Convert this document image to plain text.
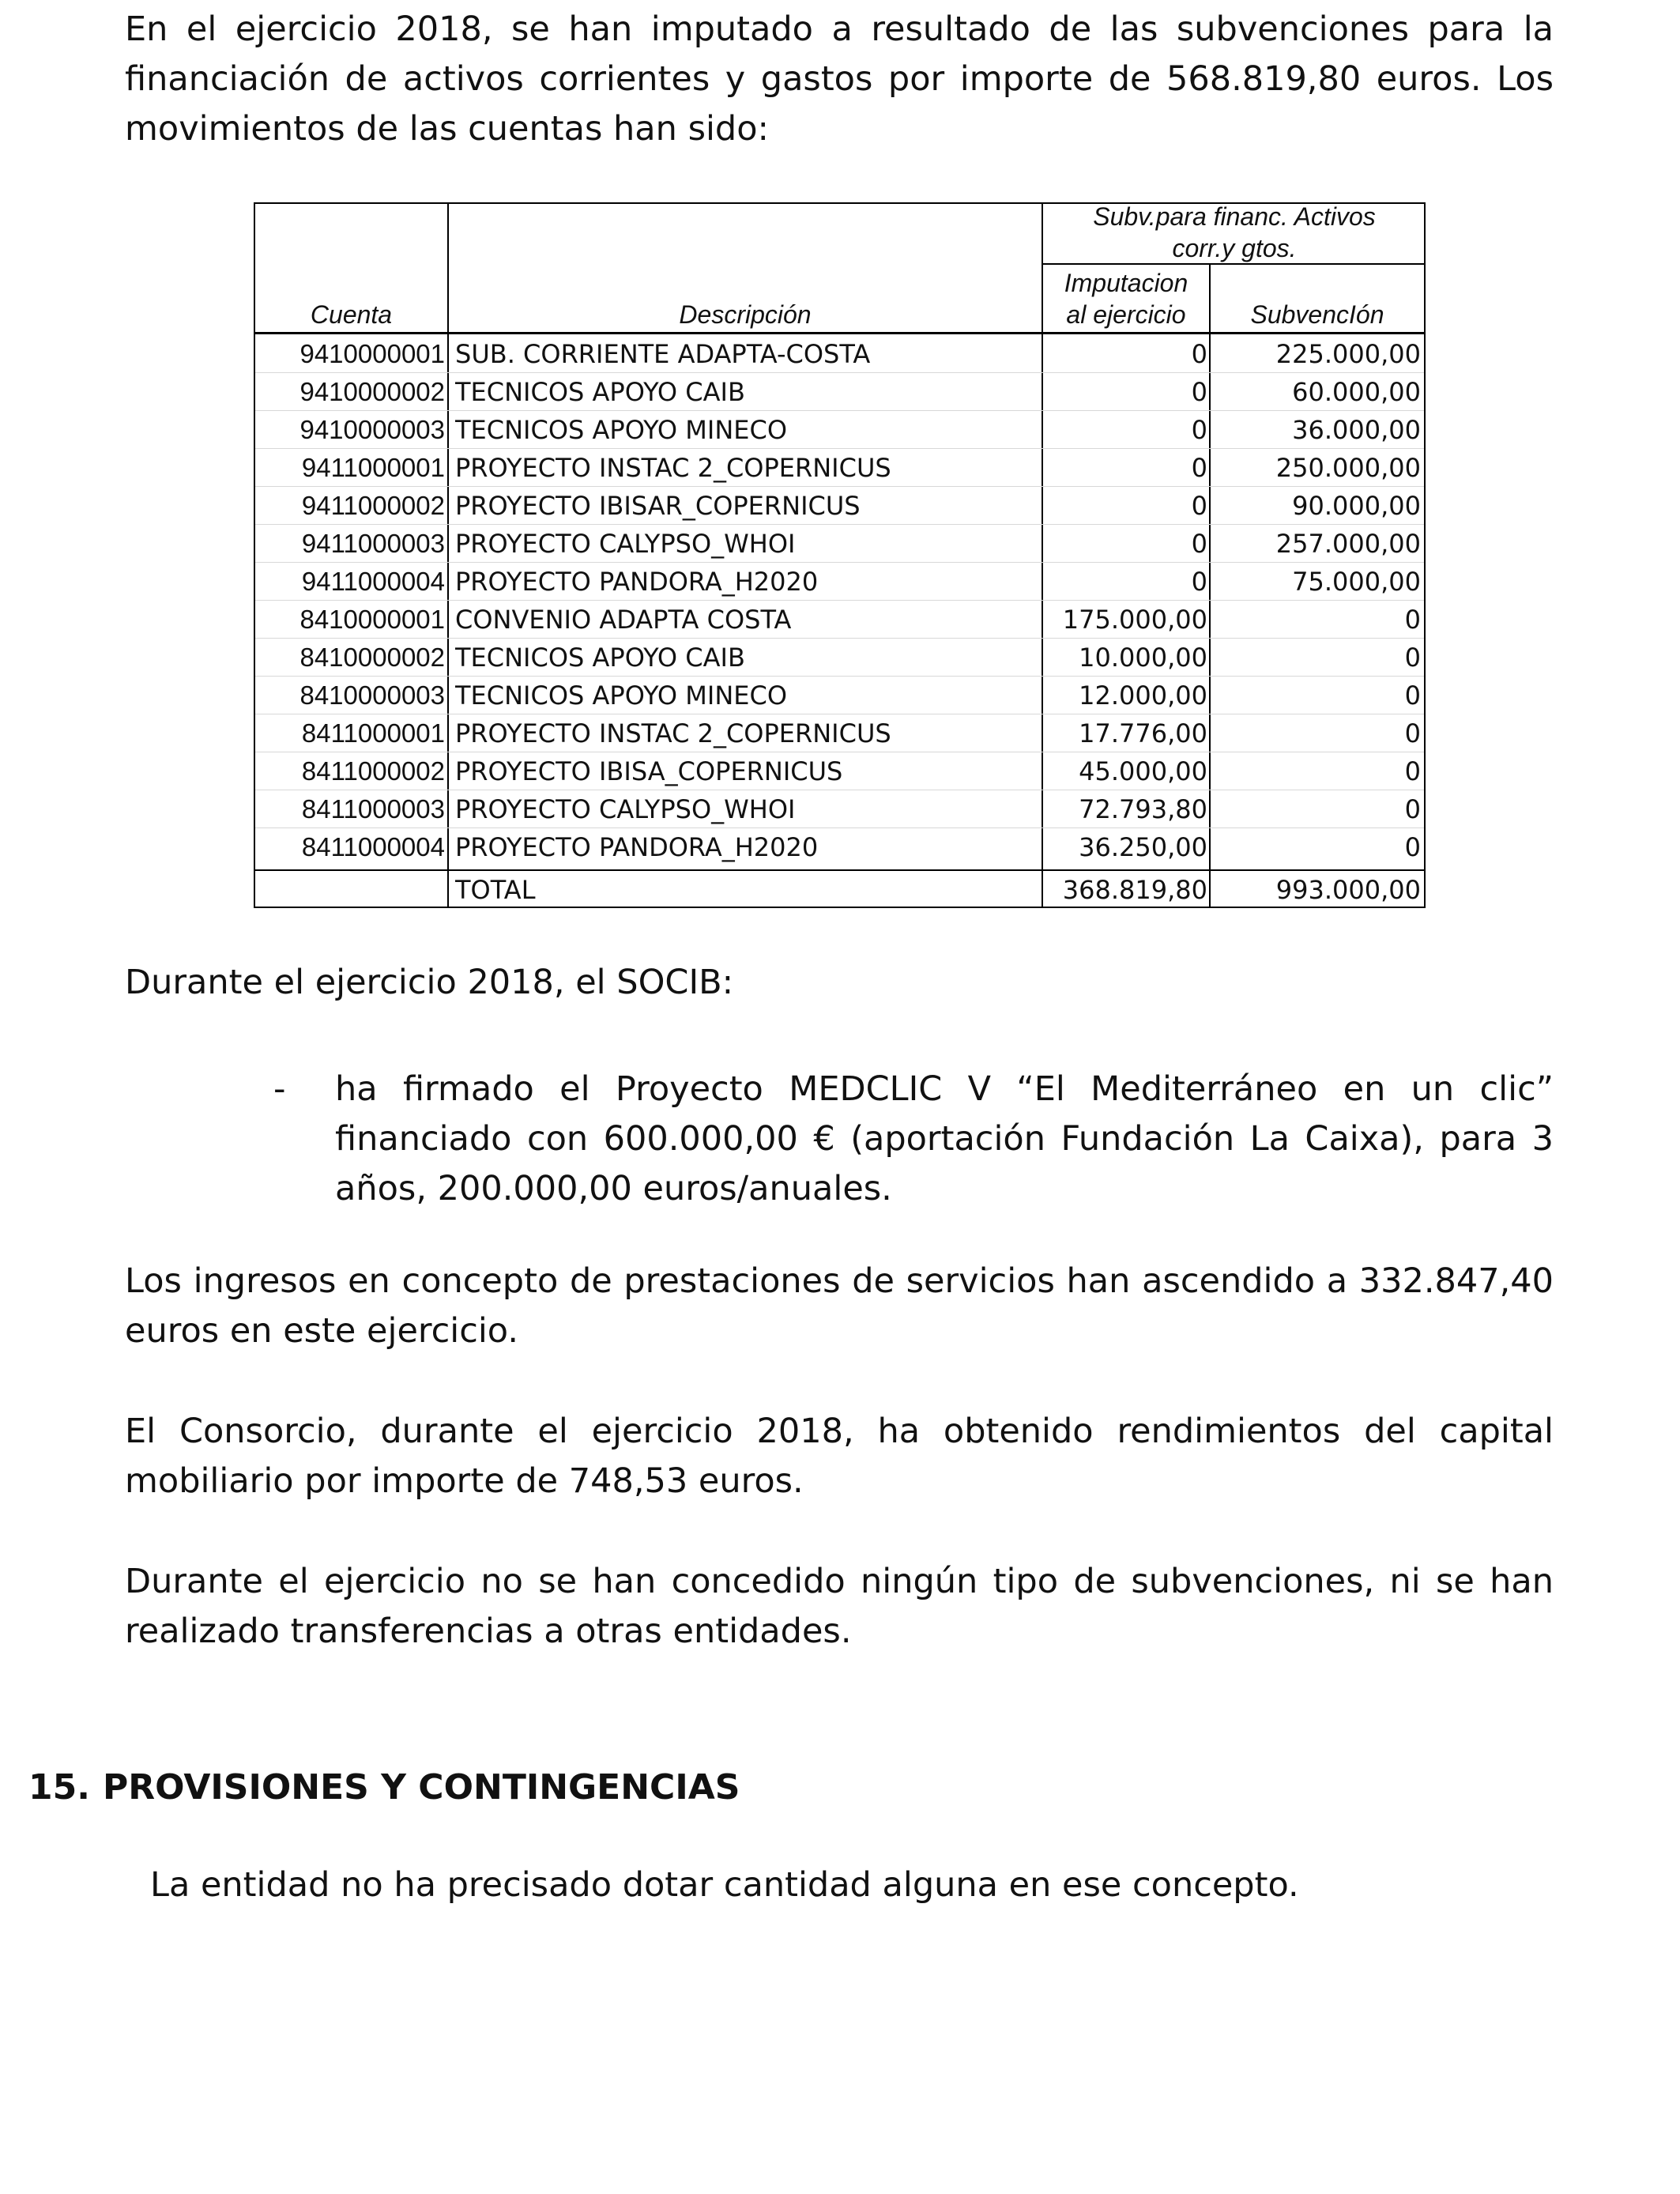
En el ejercicio 2018, se han imputado a resultado de las subvenciones para la financiación de activos corrientes y gastos por importe de 568.819,80 euros. Los movimientos de las cuentas han sido:

Subv.para financ. Activos
corr.y gtos.
Cuenta	Descripción
Imputacion
al ejercicio	SubvencIón
9410000001 SUB. CORRIENTE ADAPTA-COSTA	0	225.000,00
9410000002 TECNICOS APOYO CAIB	0	60.000,00
9410000003 TECNICOS APOYO MINECO	0	36.000,00
9411000001 PROYECTO INSTAC 2_COPERNICUS	0	250.000,00
9411000002 PROYECTO IBISAR_COPERNICUS	0	90.000,00
9411000003 PROYECTO CALYPSO_WHOI	0	257.000,00
9411000004 PROYECTO PANDORA_H2020	0	75.000,00
8410000001 CONVENIO ADAPTA COSTA	175.000,00	0
8410000002 TECNICOS APOYO CAIB	10.000,00	0
8410000003 TECNICOS APOYO MINECO	12.000,00	0
8411000001 PROYECTO INSTAC 2_COPERNICUS	17.776,00	0
8411000002 PROYECTO IBISA_COPERNICUS	45.000,00	0
8411000003 PROYECTO CALYPSO_WHOI	72.793,80	0
8411000004 PROYECTO PANDORA_H2020	36.250,00	0
TOTAL	368.819,80	993.000,00

Durante el ejercicio 2018, el SOCIB:

- ha firmado el Proyecto MEDCLIC V “El Mediterráneo en un clic” financiado con 600.000,00 € (aportación Fundación La Caixa), para 3 años, 200.000,00 euros/anuales.

Los ingresos en concepto de prestaciones de servicios han ascendido a 332.847,40 euros en este ejercicio.

El Consorcio, durante el ejercicio 2018, ha obtenido rendimientos del capital mobiliario por importe de 748,53 euros.

Durante el ejercicio no se han concedido ningún tipo de subvenciones, ni se han realizado transferencias a otras entidades.

15. PROVISIONES Y CONTINGENCIAS

La entidad no ha precisado dotar cantidad alguna en ese concepto.
